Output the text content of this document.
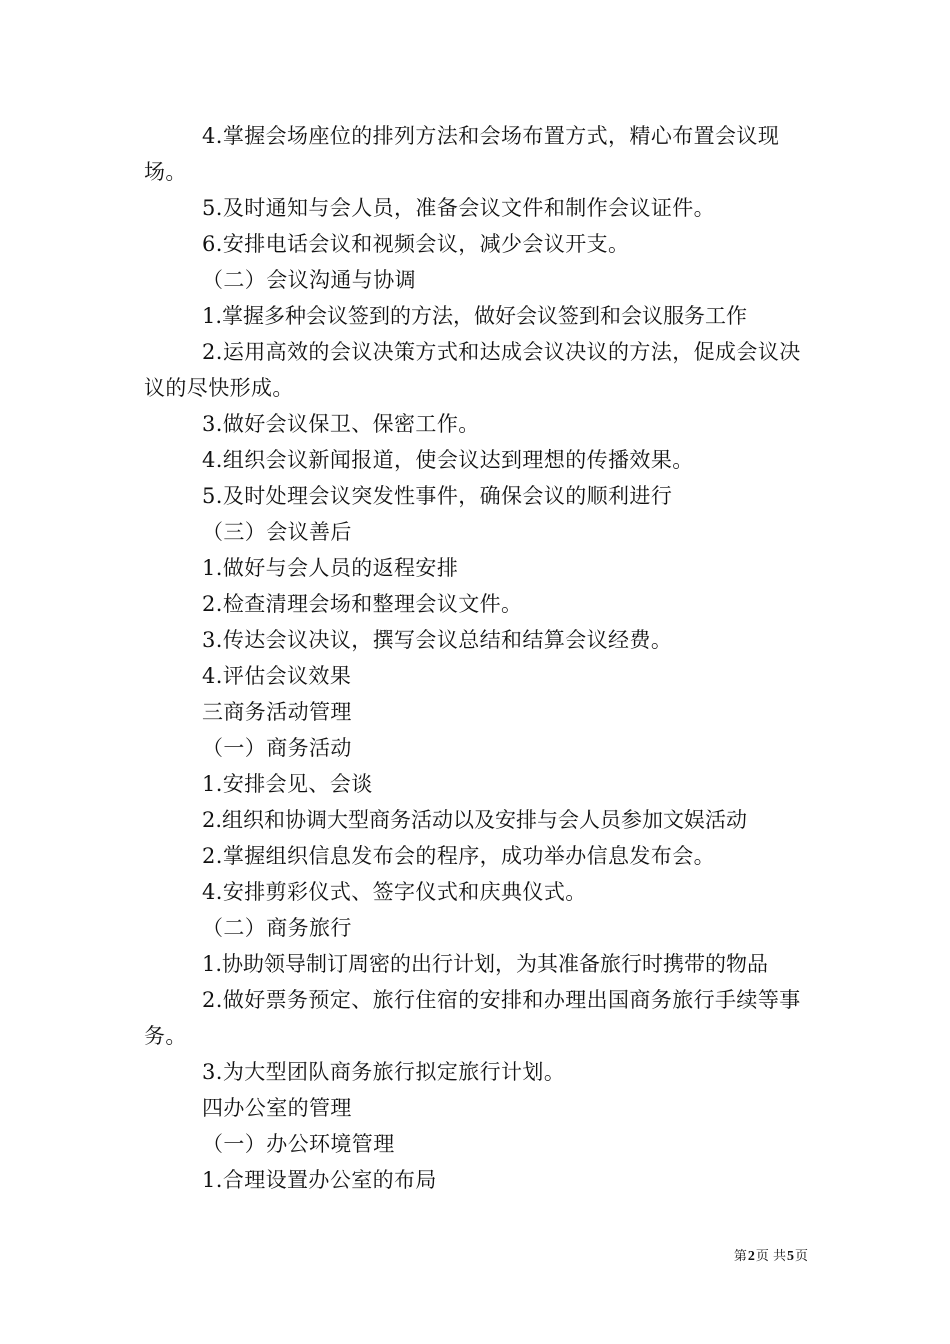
4.掌握会场座位的排列方法和会场布置方式，精心布置会议现场。

5.及时通知与会人员，准备会议文件和制作会议证件。

6.安排电话会议和视频会议，减少会议开支。

（二）会议沟通与协调

1.掌握多种会议签到的方法，做好会议签到和会议服务工作

2.运用高效的会议决策方式和达成会议决议的方法，促成会议决议的尽快形成。

3.做好会议保卫、保密工作。

4.组织会议新闻报道，使会议达到理想的传播效果。

5.及时处理会议突发性事件，确保会议的顺利进行

（三）会议善后

1.做好与会人员的返程安排

2.检查清理会场和整理会议文件。

3.传达会议决议，撰写会议总结和结算会议经费。

4.评估会议效果

三商务活动管理

（一）商务活动

1.安排会见、会谈

2.组织和协调大型商务活动以及安排与会人员参加文娱活动

2.掌握组织信息发布会的程序，成功举办信息发布会。

4.安排剪彩仪式、签字仪式和庆典仪式。

（二）商务旅行

1.协助领导制订周密的出行计划，为其准备旅行时携带的物品

2.做好票务预定、旅行住宿的安排和办理出国商务旅行手续等事务。

3.为大型团队商务旅行拟定旅行计划。

四办公室的管理

（一）办公环境管理

1.合理设置办公室的布局

第2页 共5页
